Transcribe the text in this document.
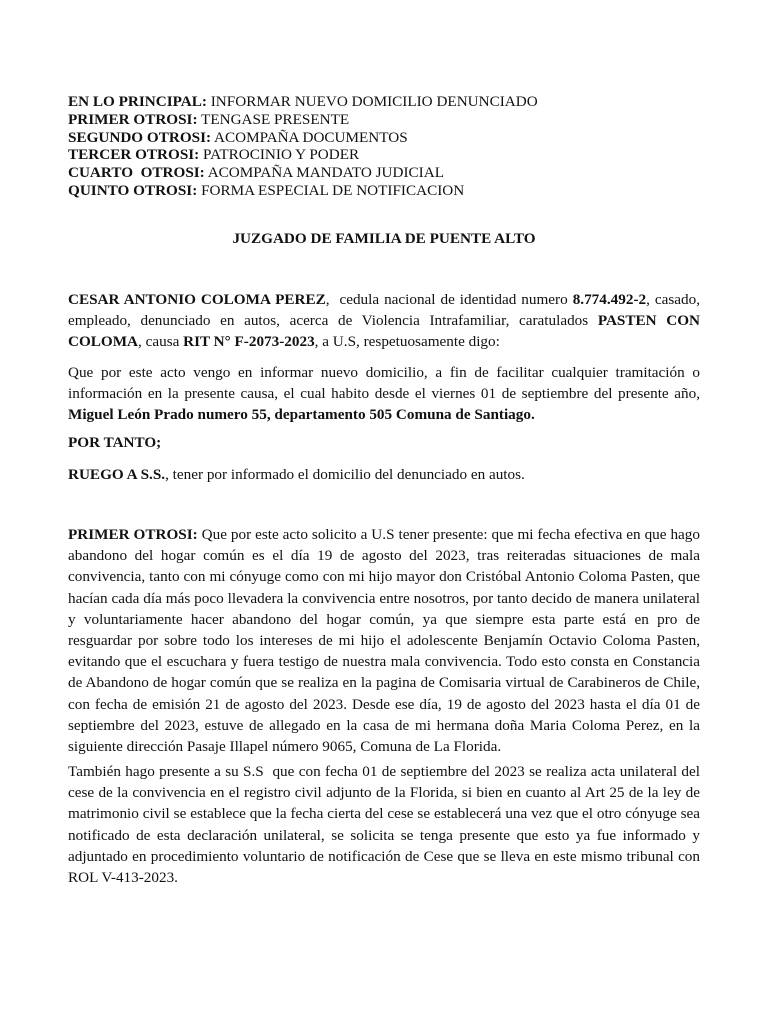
EN LO PRINCIPAL: INFORMAR NUEVO DOMICILIO DENUNCIADO
PRIMER OTROSI: TENGASE PRESENTE
SEGUNDO OTROSI: ACOMPAÑA DOCUMENTOS
TERCER OTROSI: PATROCINIO Y PODER
CUARTO  OTROSI: ACOMPAÑA MANDATO JUDICIAL
QUINTO OTROSI: FORMA ESPECIAL DE NOTIFICACION
JUZGADO DE FAMILIA DE PUENTE ALTO

CESAR ANTONIO COLOMA PEREZ,  cedula nacional de identidad numero 8.774.492-2, casado, empleado, denunciado en autos, acerca de Violencia Intrafamiliar, caratulados PASTEN CON COLOMA, causa RIT N° F-2073-2023, a U.S, respetuosamente digo:

Que por este acto vengo en informar nuevo domicilio, a fin de facilitar cualquier tramitación o información en la presente causa, el cual habito desde el viernes 01 de septiembre del presente año, Miguel León Prado numero 55, departamento 505 Comuna de Santiago.

POR TANTO;

RUEGO A S.S., tener por informado el domicilio del denunciado en autos.

PRIMER OTROSI: Que por este acto solicito a U.S tener presente: que mi fecha efectiva en que hago abandono del hogar común es el día 19 de agosto del 2023, tras reiteradas situaciones de mala convivencia, tanto con mi cónyuge como con mi hijo mayor don Cristóbal Antonio Coloma Pasten, que hacían cada día más poco llevadera la convivencia entre nosotros, por tanto decido de manera unilateral y voluntariamente hacer abandono del hogar común, ya que siempre esta parte está en pro de resguardar por sobre todo los intereses de mi hijo el adolescente Benjamín Octavio Coloma Pasten, evitando que el escuchara y fuera testigo de nuestra mala convivencia. Todo esto consta en Constancia de Abandono de hogar común que se realiza en la pagina de Comisaria virtual de Carabineros de Chile, con fecha de emisión 21 de agosto del 2023. Desde ese día, 19 de agosto del 2023 hasta el día 01 de septiembre del 2023, estuve de allegado en la casa de mi hermana doña Maria Coloma Perez, en la siguiente dirección Pasaje Illapel número 9065, Comuna de La Florida.

También hago presente a su S.S  que con fecha 01 de septiembre del 2023 se realiza acta unilateral del cese de la convivencia en el registro civil adjunto de la Florida, si bien en cuanto al Art 25 de la ley de matrimonio civil se establece que la fecha cierta del cese se establecerá una vez que el otro cónyuge sea notificado de esta declaración unilateral, se solicita se tenga presente que esto ya fue informado y adjuntado en procedimiento voluntario de notificación de Cese que se lleva en este mismo tribunal con ROL V-413-2023.
